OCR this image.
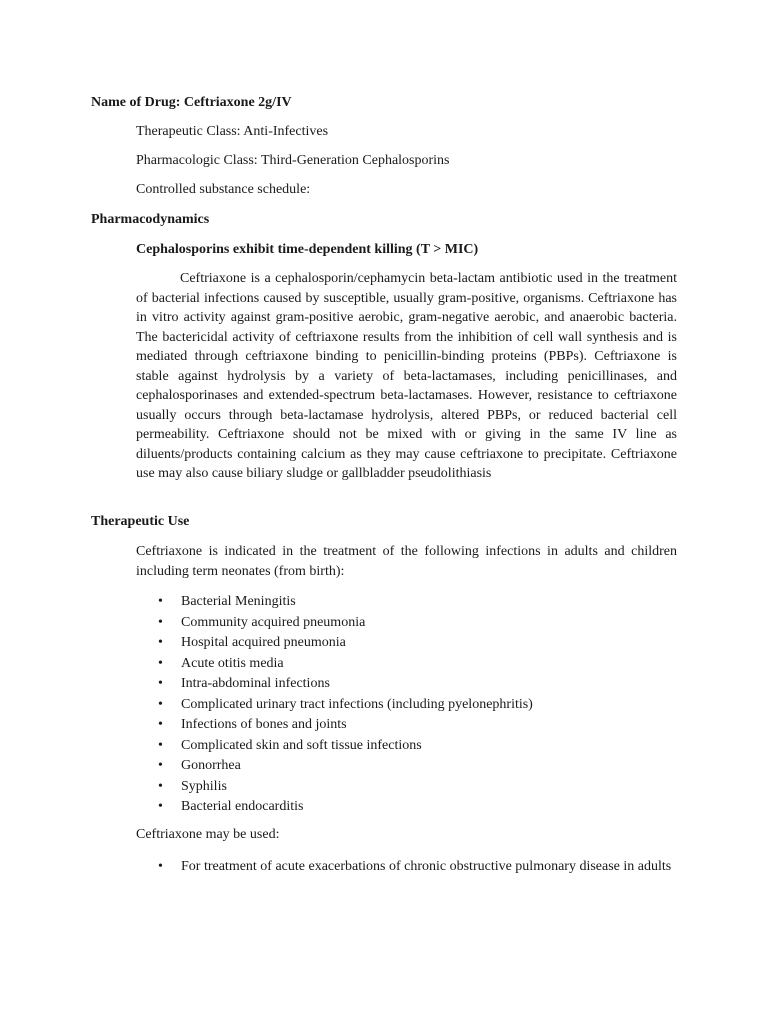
Name of Drug: Ceftriaxone 2g/IV
Therapeutic Class: Anti-Infectives
Pharmacologic Class: Third-Generation Cephalosporins
Controlled substance schedule:
Pharmacodynamics
Cephalosporins exhibit time-dependent killing (T > MIC)
Ceftriaxone is a cephalosporin/cephamycin beta-lactam antibiotic used in the treatment of bacterial infections caused by susceptible, usually gram-positive, organisms. Ceftriaxone has in vitro activity against gram-positive aerobic, gram-negative aerobic, and anaerobic bacteria. The bactericidal activity of ceftriaxone results from the inhibition of cell wall synthesis and is mediated through ceftriaxone binding to penicillin-binding proteins (PBPs). Ceftriaxone is stable against hydrolysis by a variety of beta-lactamases, including penicillinases, and cephalosporinases and extended-spectrum beta-lactamases. However, resistance to ceftriaxone usually occurs through beta-lactamase hydrolysis, altered PBPs, or reduced bacterial cell permeability. Ceftriaxone should not be mixed with or giving in the same IV line as diluents/products containing calcium as they may cause ceftriaxone to precipitate. Ceftriaxone use may also cause biliary sludge or gallbladder pseudolithiasis
Therapeutic Use
Ceftriaxone is indicated in the treatment of the following infections in adults and children including term neonates (from birth):
• Bacterial Meningitis
• Community acquired pneumonia
• Hospital acquired pneumonia
• Acute otitis media
• Intra-abdominal infections
• Complicated urinary tract infections (including pyelonephritis)
• Infections of bones and joints
• Complicated skin and soft tissue infections
• Gonorrhea
• Syphilis
• Bacterial endocarditis
Ceftriaxone may be used:
• For treatment of acute exacerbations of chronic obstructive pulmonary disease in adults
